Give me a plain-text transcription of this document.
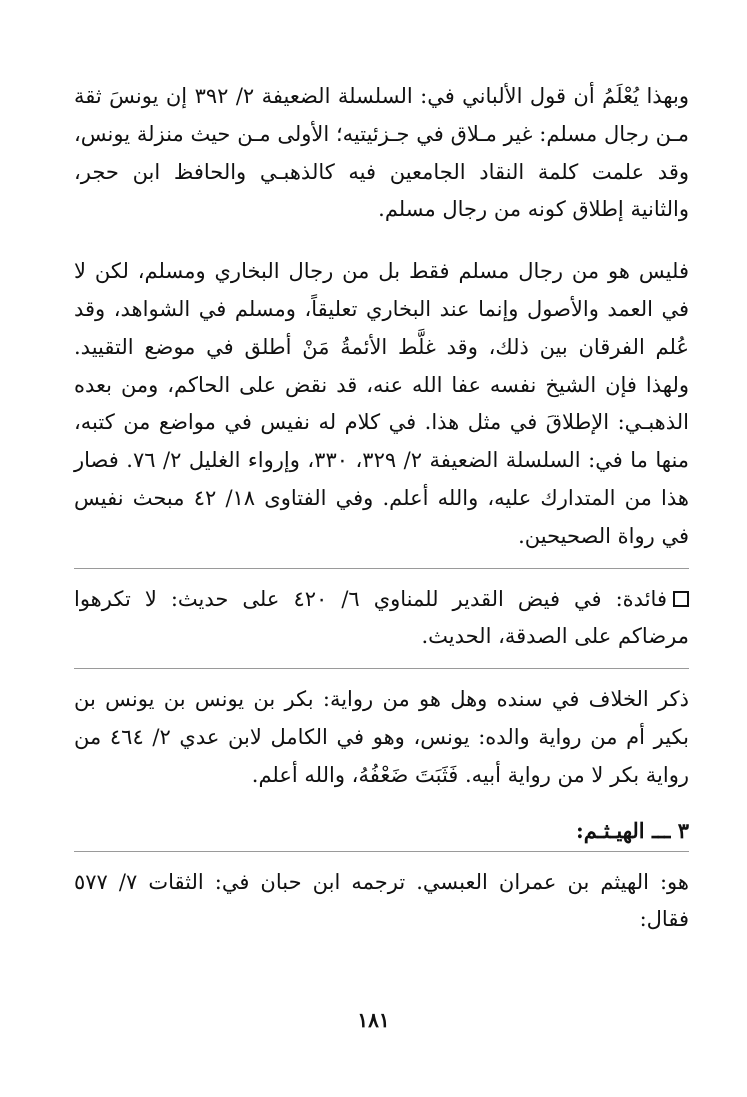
وبهذا يُعْلَمُ أن قول الألباني في: السلسلة الضعيفة ٢/ ٣٩٢ إن يونسَ ثقة مـن رجال مسلم: غير مـلاق في جـزئيتيه؛ الأولى مـن حيث منزلة يونس، وقد علمت كلمة النقاد الجامعين فيه كالذهبـي والحافظ ابن حجر، والثانية إطلاق كونه من رجال مسلم.

فليس هو من رجال مسلم فقط بل من رجال البخاري ومسلم، لكن لا في العمد والأصول وإنما عند البخاري تعليقاً، ومسلم في الشواهد، وقد عُلم الفرقان بين ذلك، وقد غلَّط الأئمةُ مَنْ أطلق في موضع التقييد. ولهذا فإن الشيخ نفسه عفا الله عنه، قد نقض على الحاكم، ومن بعده الذهبـي: الإطلاقَ في مثل هذا. في كلام له نفيس في مواضع من كتبه، منها ما في: السلسلة الضعيفة ٢/ ٣٢٩، ٣٣٠، وإرواء الغليل ٢/ ٧٦. فصار هذا من المتدارك عليه، والله أعلم. وفي الفتاوى ١٨/ ٤٢ مبحث نفيس في رواة الصحيحين.

فائدة: في فيض القدير للمناوي ٦/ ٤٢٠ على حديث: لا تكرهوا مرضاكم على الصدقة، الحديث.

ذكر الخلاف في سنده وهل هو من رواية: بكر بن يونس بن يونس بن بكير أم من رواية والده: يونس، وهو في الكامل لابن عدي ٢/ ٤٦٤ من رواية بكر لا من رواية أبيه. فَثَبَتَ ضَعْفُهُ، والله أعلم.

٣ ـــ الهيـثـم:

هو: الهيثم بن عمران العبسي. ترجمه ابن حبان في: الثقات ٧/ ٥٧٧ فقال:

١٨١
